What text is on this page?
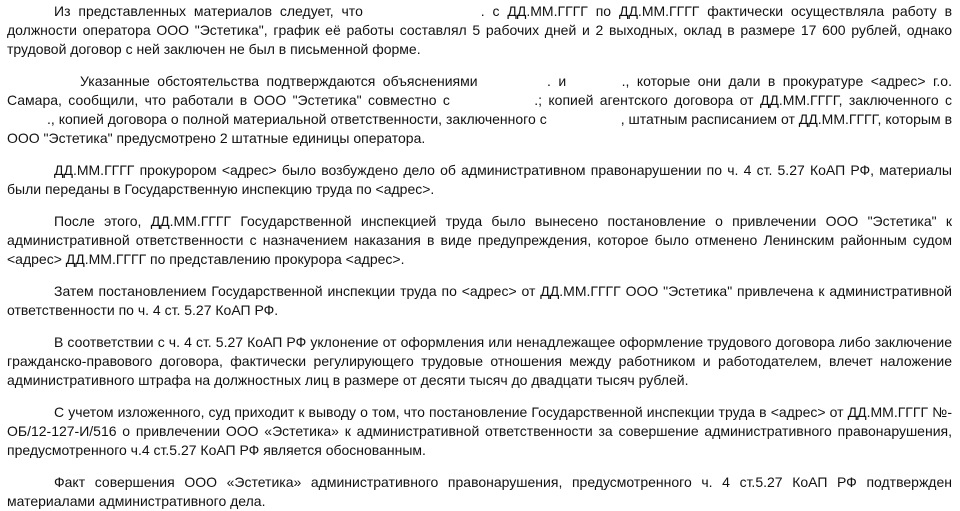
Из представленных материалов следует, что	. с ДД.ММ.ГГГГ по ДД.ММ.ГГГГ фактически осуществляла работу в должности оператора ООО "Эстетика", график её работы составлял 5 рабочих дней и 2 выходных, оклад в размере 17 600 рублей, однако трудовой договор с ней заключен не был в письменной форме.

Указанные обстоятельства подтверждаются объяснениями	. и	., которые они дали в прокуратуре <адрес> г.о. Самара, сообщили, что работали в ООО "Эстетика" совместно с	.; копией агентского договора от ДД.ММ.ГГГГ, заключенного с ., копией договора о полной материальной ответственности, заключенного с	, штатным расписанием от ДД.ММ.ГГГГ, которым в ООО "Эстетика" предусмотрено 2 штатные единицы оператора.

ДД.ММ.ГГГГ прокурором <адрес> было возбуждено дело об административном правонарушении по ч. 4 ст. 5.27 КоАП РФ, материалы были переданы в Государственную инспекцию труда по <адрес>.

После этого, ДД.ММ.ГГГГ Государственной инспекцией труда было вынесено постановление о привлечении ООО "Эстетика" к административной ответственности с назначением наказания в виде предупреждения, которое было отменено Ленинским районным судом <адрес> ДД.ММ.ГГГГ по представлению прокурора <адрес>.

Затем постановлением Государственной инспекции труда по <адрес> от ДД.ММ.ГГГГ ООО "Эстетика" привлечена к административной ответственности по ч. 4 ст. 5.27 КоАП РФ.

В соответствии с ч. 4 ст. 5.27 КоАП РФ уклонение от оформления или ненадлежащее оформление трудового договора либо заключение гражданско-правового договора, фактически регулирующего трудовые отношения между работником и работодателем, влечет наложение административного штрафа на должностных лиц в размере от десяти тысяч до двадцати тысяч рублей.

С учетом изложенного, суд приходит к выводу о том, что постановление Государственной инспекции труда в <адрес> от ДД.ММ.ГГГГ №-ОБ/12-127-И/516 о привлечении ООО «Эстетика» к административной ответственности за совершение административного правонарушения, предусмотренного ч.4 ст.5.27 КоАП РФ является обоснованным.

Факт совершения ООО «Эстетика» административного правонарушения, предусмотренного ч. 4 ст.5.27 КоАП РФ подтвержден материалами административного дела.
